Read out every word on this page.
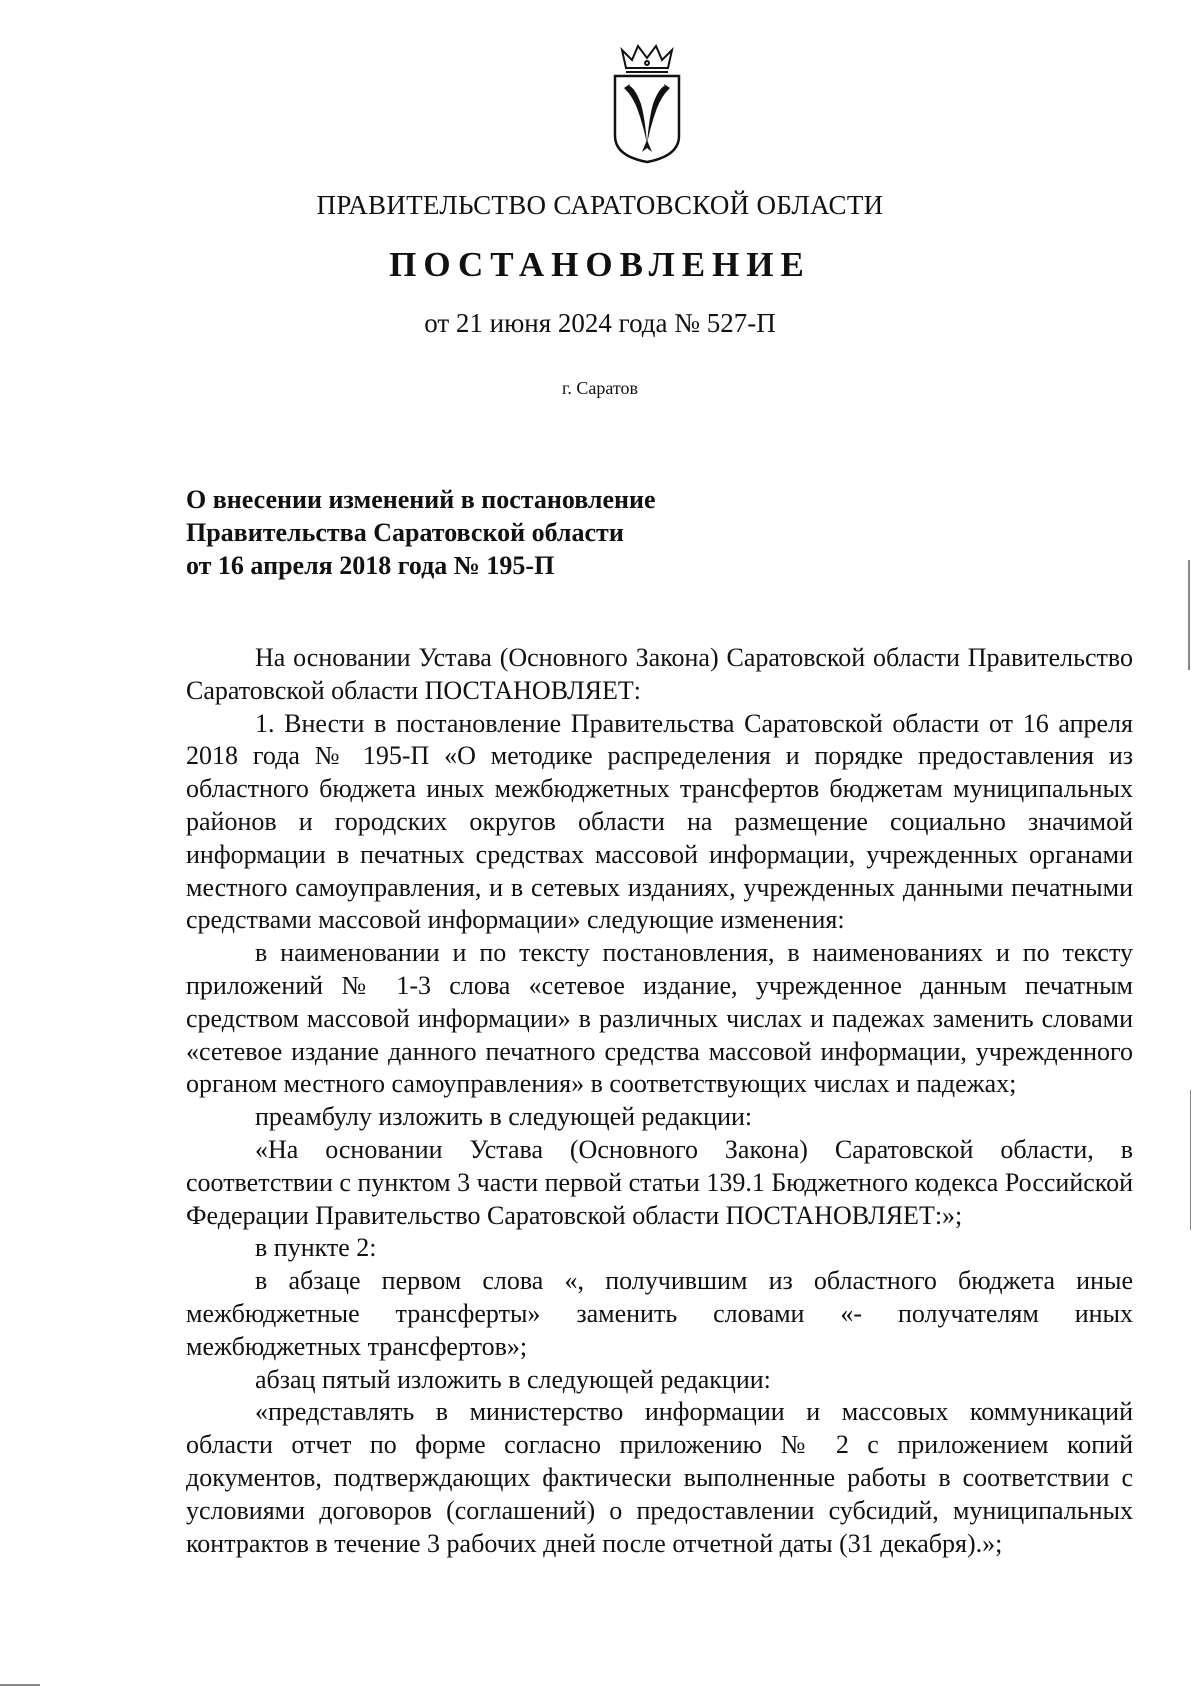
ПРАВИТЕЛЬСТВО САРАТОВСКОЙ ОБЛАСТИ
ПОСТАНОВЛЕНИЕ
от 21 июня 2024 года № 527-П
г. Саратов
О внесении изменений в постановление
Правительства Саратовской области
от 16 апреля 2018 года № 195-П

На основании Устава (Основного Закона) Саратовской области Правительство Саратовской области ПОСТАНОВЛЯЕТ:

1. Внести в постановление Правительства Саратовской области от 16 апреля 2018 года № 195-П «О методике распределения и порядке предоставления из областного бюджета иных межбюджетных трансфертов бюджетам муниципальных районов и городских округов области на размещение социально значимой информации в печатных средствах массовой информации, учрежденных органами местного самоуправления, и в сетевых изданиях, учрежденных данными печатными средствами массовой информации» следующие изменения:

в наименовании и по тексту постановления, в наименованиях и по тексту приложений № 1-3 слова «сетевое издание, учрежденное данным печатным средством массовой информации» в различных числах и падежах заменить словами «сетевое издание данного печатного средства массовой информации, учрежденного органом местного самоуправления» в соответствующих числах и падежах;

преамбулу изложить в следующей редакции:

«На основании Устава (Основного Закона) Саратовской области, в соответствии с пунктом 3 части первой статьи 139.1 Бюджетного кодекса Российской Федерации Правительство Саратовской области ПОСТАНОВЛЯЕТ:»;

в пункте 2:

в абзаце первом слова «, получившим из областного бюджета иные межбюджетные трансферты» заменить словами «- получателям иных межбюджетных трансфертов»;

абзац пятый изложить в следующей редакции:

«представлять в министерство информации и массовых коммуникаций области отчет по форме согласно приложению № 2 с приложением копий документов, подтверждающих фактически выполненные работы в соответствии с условиями договоров (соглашений) о предоставлении субсидий, муниципальных контрактов в течение 3 рабочих дней после отчетной даты (31 декабря).»;
